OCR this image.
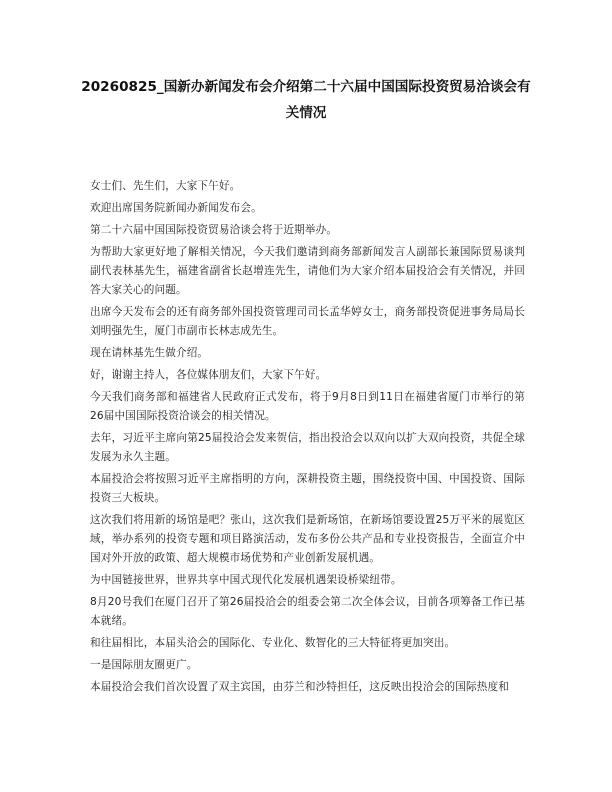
20260825_国新办新闻发布会介绍第二十六届中国国际投资贸易洽谈会有关情况

女士们、先生们，大家下午好。

欢迎出席国务院新闻办新闻发布会。

第二十六届中国国际投资贸易洽谈会将于近期举办。

为帮助大家更好地了解相关情况，今天我们邀请到商务部新闻发言人副部长兼国际贸易谈判副代表林基先生，福建省副省长赵增连先生，请他们为大家介绍本届投洽会有关情况，并回答大家关心的问题。

出席今天发布会的还有商务部外国投资管理司司长孟华婷女士，商务部投资促进事务局局长刘明强先生，厦门市副市长林志成先生。

现在请林基先生做介绍。

好，谢谢主持人，各位媒体朋友们，大家下午好。

今天我们商务部和福建省人民政府正式发布，将于9月8日到11日在福建省厦门市举行的第26届中国国际投资洽谈会的相关情况。

去年，习近平主席向第25届投洽会发来贺信，指出投洽会以双向以扩大双向投资，共促全球发展为永久主题。

本届投洽会将按照习近平主席指明的方向，深耕投资主题，围绕投资中国、中国投资、国际投资三大板块。

这次我们将用新的场馆是吧？张山，这次我们是新场馆，在新场馆要设置25万平米的展览区域，举办系列的投资专题和项目路演活动，发布多份公共产品和专业投资报告，全面宣介中国对外开放的政策、超大规模市场优势和产业创新发展机遇。

为中国链接世界，世界共享中国式现代化发展机遇架设桥梁纽带。

8月20号我们在厦门召开了第26届投洽会的组委会第二次全体会议，目前各项筹备工作已基本就绪。

和往届相比，本届头洽会的国际化、专业化、数智化的三大特征将更加突出。

一是国际朋友圈更广。

本届投洽会我们首次设置了双主宾国，由芬兰和沙特担任，这反映出投洽会的国际热度和
